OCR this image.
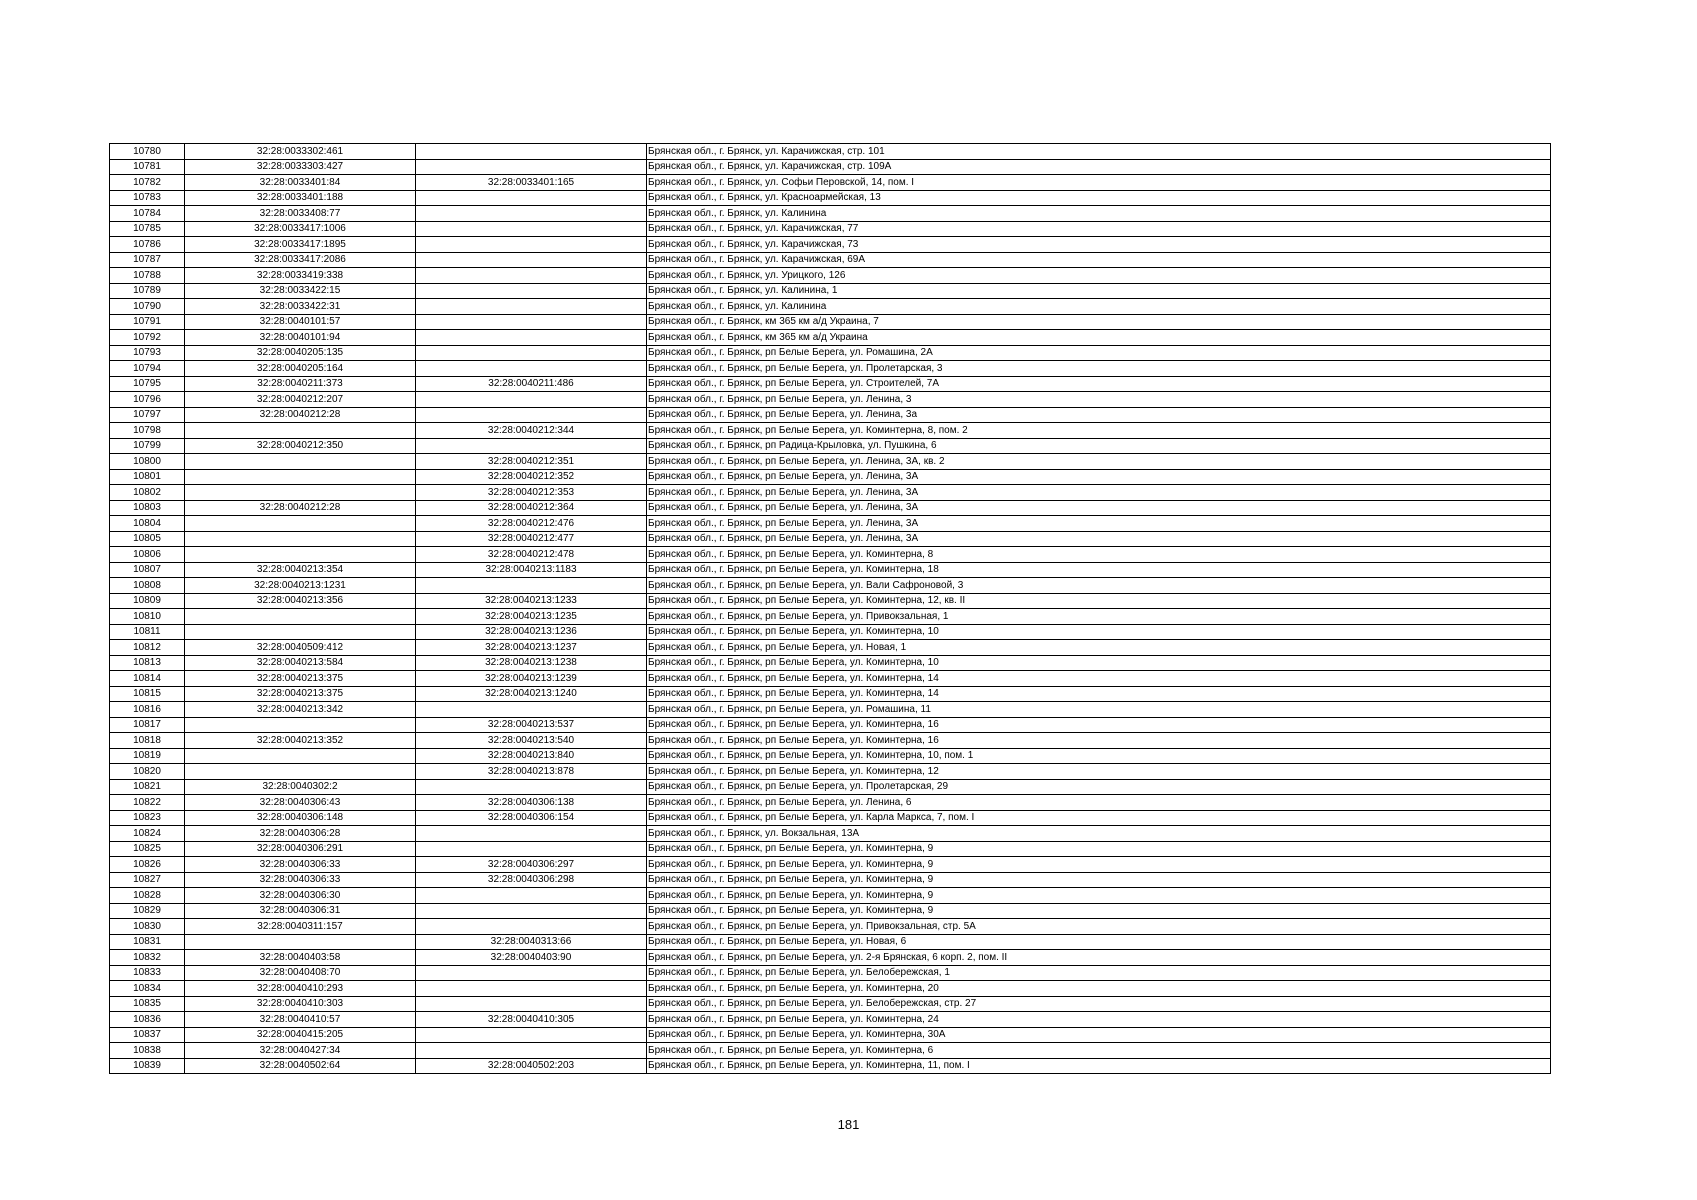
10780	32:28:0033302:461		Брянская обл., г. Брянск, ул. Карачижская, стр. 101
10781	32:28:0033303:427		Брянская обл., г. Брянск, ул. Карачижская, стр. 109А
10782	32:28:0033401:84	32:28:0033401:165	Брянская обл., г. Брянск, ул. Софьи Перовской, 14, пом. I
10783	32:28:0033401:188		Брянская обл., г. Брянск, ул. Красноармейская, 13
10784	32:28:0033408:77		Брянская обл., г. Брянск, ул. Калинина
10785	32:28:0033417:1006		Брянская обл., г. Брянск, ул. Карачижская, 77
10786	32:28:0033417:1895		Брянская обл., г. Брянск, ул. Карачижская, 73
10787	32:28:0033417:2086		Брянская обл., г. Брянск, ул. Карачижская, 69А
10788	32:28:0033419:338		Брянская обл., г. Брянск, ул. Урицкого, 126
10789	32:28:0033422:15		Брянская обл., г. Брянск, ул. Калинина, 1
10790	32:28:0033422:31		Брянская обл., г. Брянск, ул. Калинина
10791	32:28:0040101:57		Брянская обл., г. Брянск, км 365 км а/д Украина, 7
10792	32:28:0040101:94		Брянская обл., г. Брянск, км 365 км а/д Украина
10793	32:28:0040205:135		Брянская обл., г. Брянск, рп Белые Берега, ул. Ромашина, 2А
10794	32:28:0040205:164		Брянская обл., г. Брянск, рп Белые Берега, ул. Пролетарская, 3
10795	32:28:0040211:373	32:28:0040211:486	Брянская обл., г. Брянск, рп Белые Берега, ул. Строителей, 7А
10796	32:28:0040212:207		Брянская обл., г. Брянск, рп Белые Берега, ул. Ленина, 3
10797	32:28:0040212:28		Брянская обл., г. Брянск, рп Белые Берега, ул. Ленина, 3а
10798		32:28:0040212:344	Брянская обл., г. Брянск, рп Белые Берега, ул. Коминтерна, 8, пом. 2
10799	32:28:0040212:350		Брянская обл., г. Брянск, рп Радица-Крыловка, ул. Пушкина, 6
10800		32:28:0040212:351	Брянская обл., г. Брянск, рп Белые Берега, ул. Ленина, 3А, кв. 2
10801		32:28:0040212:352	Брянская обл., г. Брянск, рп Белые Берега, ул. Ленина, 3А
10802		32:28:0040212:353	Брянская обл., г. Брянск, рп Белые Берега, ул. Ленина, 3А
10803	32:28:0040212:28	32:28:0040212:364	Брянская обл., г. Брянск, рп Белые Берега, ул. Ленина, 3А
10804		32:28:0040212:476	Брянская обл., г. Брянск, рп Белые Берега, ул. Ленина, 3А
10805		32:28:0040212:477	Брянская обл., г. Брянск, рп Белые Берега, ул. Ленина, 3А
10806		32:28:0040212:478	Брянская обл., г. Брянск, рп Белые Берега, ул. Коминтерна, 8
10807	32:28:0040213:354	32:28:0040213:1183	Брянская обл., г. Брянск, рп Белые Берега, ул. Коминтерна, 18
10808	32:28:0040213:1231		Брянская обл., г. Брянск, рп Белые Берега, ул. Вали Сафроновой, 3
10809	32:28:0040213:356	32:28:0040213:1233	Брянская обл., г. Брянск, рп Белые Берега, ул. Коминтерна, 12, кв. II
10810		32:28:0040213:1235	Брянская обл., г. Брянск, рп Белые Берега, ул. Привокзальная, 1
10811		32:28:0040213:1236	Брянская обл., г. Брянск, рп Белые Берега, ул. Коминтерна, 10
10812	32:28:0040509:412	32:28:0040213:1237	Брянская обл., г. Брянск, рп Белые Берега, ул. Новая, 1
10813	32:28:0040213:584	32:28:0040213:1238	Брянская обл., г. Брянск, рп Белые Берега, ул. Коминтерна, 10
10814	32:28:0040213:375	32:28:0040213:1239	Брянская обл., г. Брянск, рп Белые Берега, ул. Коминтерна, 14
10815	32:28:0040213:375	32:28:0040213:1240	Брянская обл., г. Брянск, рп Белые Берега, ул. Коминтерна, 14
10816	32:28:0040213:342		Брянская обл., г. Брянск, рп Белые Берега, ул. Ромашина, 11
10817		32:28:0040213:537	Брянская обл., г. Брянск, рп Белые Берега, ул. Коминтерна, 16
10818	32:28:0040213:352	32:28:0040213:540	Брянская обл., г. Брянск, рп Белые Берега, ул. Коминтерна, 16
10819		32:28:0040213:840	Брянская обл., г. Брянск, рп Белые Берега, ул. Коминтерна, 10, пом. 1
10820		32:28:0040213:878	Брянская обл., г. Брянск, рп Белые Берега, ул. Коминтерна, 12
10821	32:28:0040302:2		Брянская обл., г. Брянск, рп Белые Берега, ул. Пролетарская, 29
10822	32:28:0040306:43	32:28:0040306:138	Брянская обл., г. Брянск, рп Белые Берега, ул. Ленина, 6
10823	32:28:0040306:148	32:28:0040306:154	Брянская обл., г. Брянск, рп Белые Берега, ул. Карла Маркса, 7, пом. I
10824	32:28:0040306:28		Брянская обл., г. Брянск, ул. Вокзальная, 13А
10825	32:28:0040306:291		Брянская обл., г. Брянск, рп Белые Берега, ул. Коминтерна, 9
10826	32:28:0040306:33	32:28:0040306:297	Брянская обл., г. Брянск, рп Белые Берега, ул. Коминтерна, 9
10827	32:28:0040306:33	32:28:0040306:298	Брянская обл., г. Брянск, рп Белые Берега, ул. Коминтерна, 9
10828	32:28:0040306:30		Брянская обл., г. Брянск, рп Белые Берега, ул. Коминтерна, 9
10829	32:28:0040306:31		Брянская обл., г. Брянск, рп Белые Берега, ул. Коминтерна, 9
10830	32:28:0040311:157		Брянская обл., г. Брянск, рп Белые Берега, ул. Привокзальная, стр. 5А
10831		32:28:0040313:66	Брянская обл., г. Брянск, рп Белые Берега, ул. Новая, 6
10832	32:28:0040403:58	32:28:0040403:90	Брянская обл., г. Брянск, рп Белые Берега, ул. 2-я Брянская, 6 корп. 2, пом. II
10833	32:28:0040408:70		Брянская обл., г. Брянск, рп Белые Берега, ул. Белобережская, 1
10834	32:28:0040410:293		Брянская обл., г. Брянск, рп Белые Берега, ул. Коминтерна, 20
10835	32:28:0040410:303		Брянская обл., г. Брянск, рп Белые Берега, ул. Белобережская, стр. 27
10836	32:28:0040410:57	32:28:0040410:305	Брянская обл., г. Брянск, рп Белые Берега, ул. Коминтерна, 24
10837	32:28:0040415:205		Брянская обл., г. Брянск, рп Белые Берега, ул. Коминтерна, 30А
10838	32:28:0040427:34		Брянская обл., г. Брянск, рп Белые Берега, ул. Коминтерна, 6
10839	32:28:0040502:64	32:28:0040502:203	Брянская обл., г. Брянск, рп Белые Берега, ул. Коминтерна, 11, пом. I
181
